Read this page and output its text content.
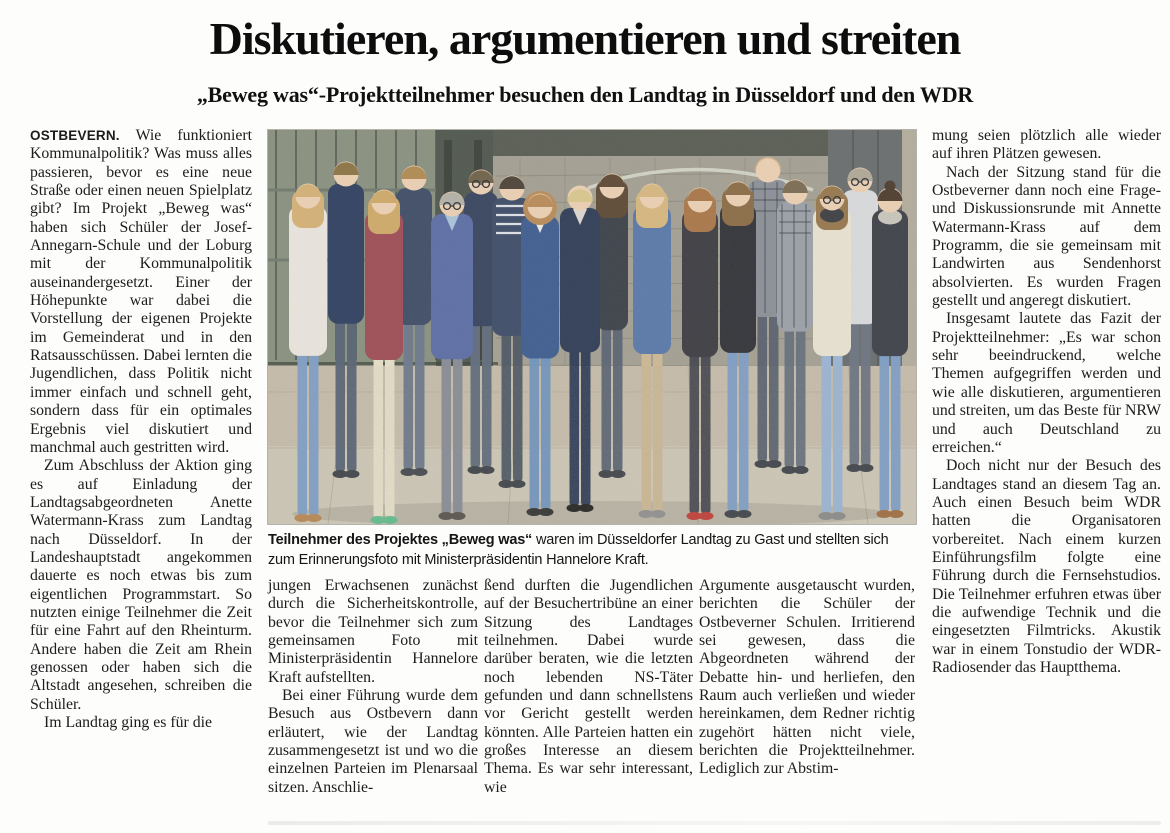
Diskutieren, argumentieren und streiten
„Beweg was“-Projektteilnehmer besuchen den Landtag in Düsseldorf und den WDR

OSTBEVERN. Wie funktioniert Kommunalpolitik? Was muss alles passieren, bevor es eine neue Straße oder einen neuen Spielplatz gibt? Im Projekt „Beweg was“ haben sich Schüler der Josef-Annegarn-Schule und der Loburg mit der Kommunalpolitik auseinandergesetzt. Einer der Höhepunkte war dabei die Vorstellung der eigenen Projekte im Gemeinderat und in den Ratsausschüssen. Dabei lernten die Jugendlichen, dass Politik nicht immer einfach und schnell geht, sondern dass für ein optimales Ergebnis viel diskutiert und manchmal auch gestritten wird.

Zum Abschluss der Aktion ging es auf Einladung der Landtagsabgeordneten Anette Watermann-Krass zum Landtag nach Düsseldorf. In der Landeshauptstadt angekommen dauerte es noch etwas bis zum eigentlichen Programmstart. So nutzten einige Teilnehmer die Zeit für eine Fahrt auf den Rheinturm. Andere haben die Zeit am Rhein genossen oder haben sich die Altstadt angesehen, schreiben die Schüler.

Im Landtag ging es für die

Teilnehmer des Projektes „Beweg was“ waren im Düsseldorfer Landtag zu Gast und stellten sich zum Erinnerungsfoto mit Ministerpräsidentin Hannelore Kraft.

jungen Erwachsenen zunächst durch die Sicherheitskontrolle, bevor die Teilnehmer sich zum gemeinsamen Foto mit Ministerpräsidentin Hannelore Kraft aufstellten.

Bei einer Führung wurde dem Besuch aus Ostbevern dann erläutert, wie der Landtag zusammengesetzt ist und wo die einzelnen Parteien im Plenarsaal sitzen. Anschlie-

ßend durften die Jugendlichen auf der Besuchertribüne an einer Sitzung des Landtages teilnehmen. Dabei wurde darüber beraten, wie die letzten noch lebenden NS-Täter gefunden und dann schnellstens vor Gericht gestellt werden könnten. Alle Parteien hatten ein großes Interesse an diesem Thema. Es war sehr interessant, wie

Argumente ausgetauscht wurden, berichten die Schüler der Ostbeverner Schulen. Irritierend sei gewesen, dass die Abgeordneten während der Debatte hin- und herliefen, den Raum auch verließen und wieder hereinkamen, dem Redner richtig zugehört hätten nicht viele, berichten die Projektteilnehmer. Lediglich zur Abstim-

mung seien plötzlich alle wieder auf ihren Plätzen gewesen.

Nach der Sitzung stand für die Ostbeverner dann noch eine Frage- und Diskussionsrunde mit Annette Watermann-Krass auf dem Programm, die sie gemeinsam mit Landwirten aus Sendenhorst absolvierten. Es wurden Fragen gestellt und angeregt diskutiert.

Insgesamt lautete das Fazit der Projektteilnehmer: „Es war schon sehr beeindruckend, welche Themen aufgegriffen werden und wie alle diskutieren, argumentieren und streiten, um das Beste für NRW und auch Deutschland zu erreichen.“

Doch nicht nur der Besuch des Landtages stand an diesem Tag an. Auch einen Besuch beim WDR hatten die Organisatoren vorbereitet. Nach einem kurzen Einführungsfilm folgte eine Führung durch die Fernsehstudios. Die Teilnehmer erfuhren etwas über die aufwendige Technik und die eingesetzten Filmtricks. Akustik war in einem Tonstudio der WDR-Radiosender das Hauptthema.
